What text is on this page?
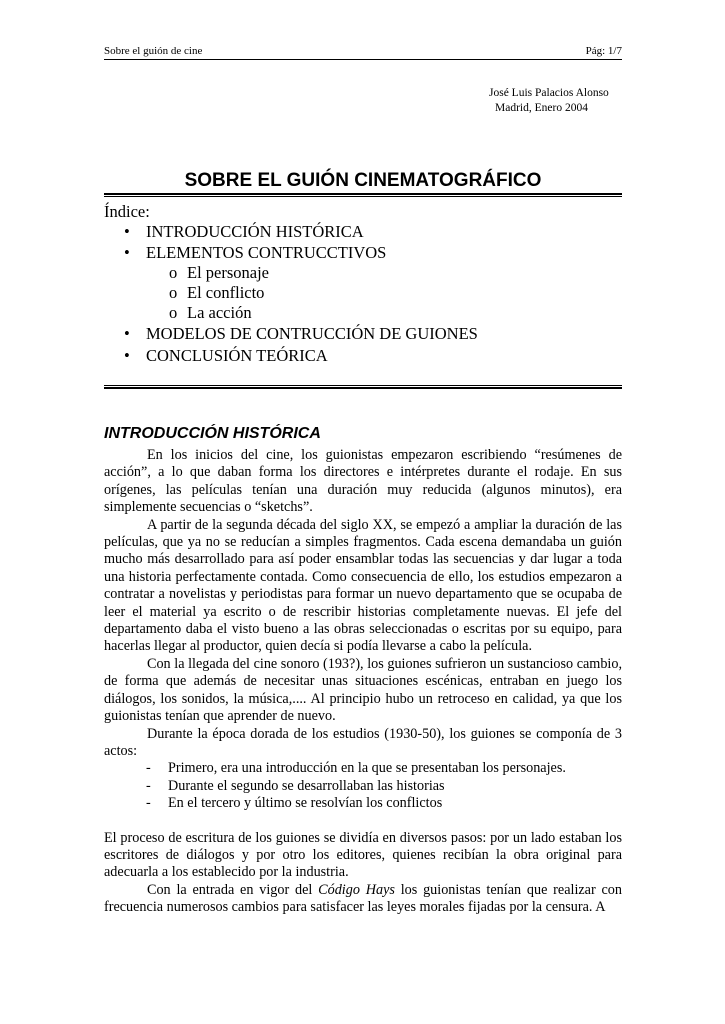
Sobre el guión de cine	Pág: 1/7
José Luis Palacios Alonso
Madrid, Enero 2004
SOBRE EL GUIÓN CINEMATOGRÁFICO
Índice:
• INTRODUCCIÓN HISTÓRICA
• ELEMENTOS CONTRUCCTIVOS
o El personaje
o El conflicto
o La acción
• MODELOS DE CONTRUCCIÓN DE GUIONES
• CONCLUSIÓN TEÓRICA
INTRODUCCIÓN HISTÓRICA

En los inicios del cine, los guionistas empezaron escribiendo “resúmenes de acción”, a lo que daban forma los directores e intérpretes durante el rodaje. En sus orígenes, las películas tenían una duración muy reducida (algunos minutos), era simplemente secuencias o “sketchs”.

A partir de la segunda década del siglo XX, se empezó a ampliar la duración de las películas, que ya no se reducían a simples fragmentos. Cada escena demandaba un guión mucho más desarrollado para así poder ensamblar todas las secuencias y dar lugar a toda una historia perfectamente contada. Como consecuencia de ello, los estudios empezaron a contratar a novelistas y periodistas para formar un nuevo departamento que se ocupaba de leer el material ya escrito o de rescribir historias completamente nuevas. El jefe del departamento daba el visto bueno a las obras seleccionadas o escritas por su equipo, para hacerlas llegar al productor, quien decía si podía llevarse a cabo la película.

Con la llegada del cine sonoro (193?), los guiones sufrieron un sustancioso cambio, de forma que además de necesitar unas situaciones escénicas, entraban en juego los diálogos, los sonidos, la música,.... Al principio hubo un retroceso en calidad, ya que los guionistas tenían que aprender de nuevo.

Durante la época dorada de los estudios (1930-50), los guiones se componía de 3 actos:

- Primero, era una introducción en la que se presentaban los personajes.
- Durante el segundo se desarrollaban las historias
- En el tercero y último se resolvían los conflictos

El proceso de escritura de los guiones se dividía en diversos pasos: por un lado estaban los escritores de diálogos y por otro los editores, quienes recibían la obra original para adecuarla a los establecido por la industria.

Con la entrada en vigor del Código Hays los guionistas tenían que realizar con frecuencia numerosos cambios para satisfacer las leyes morales fijadas por la censura. A
